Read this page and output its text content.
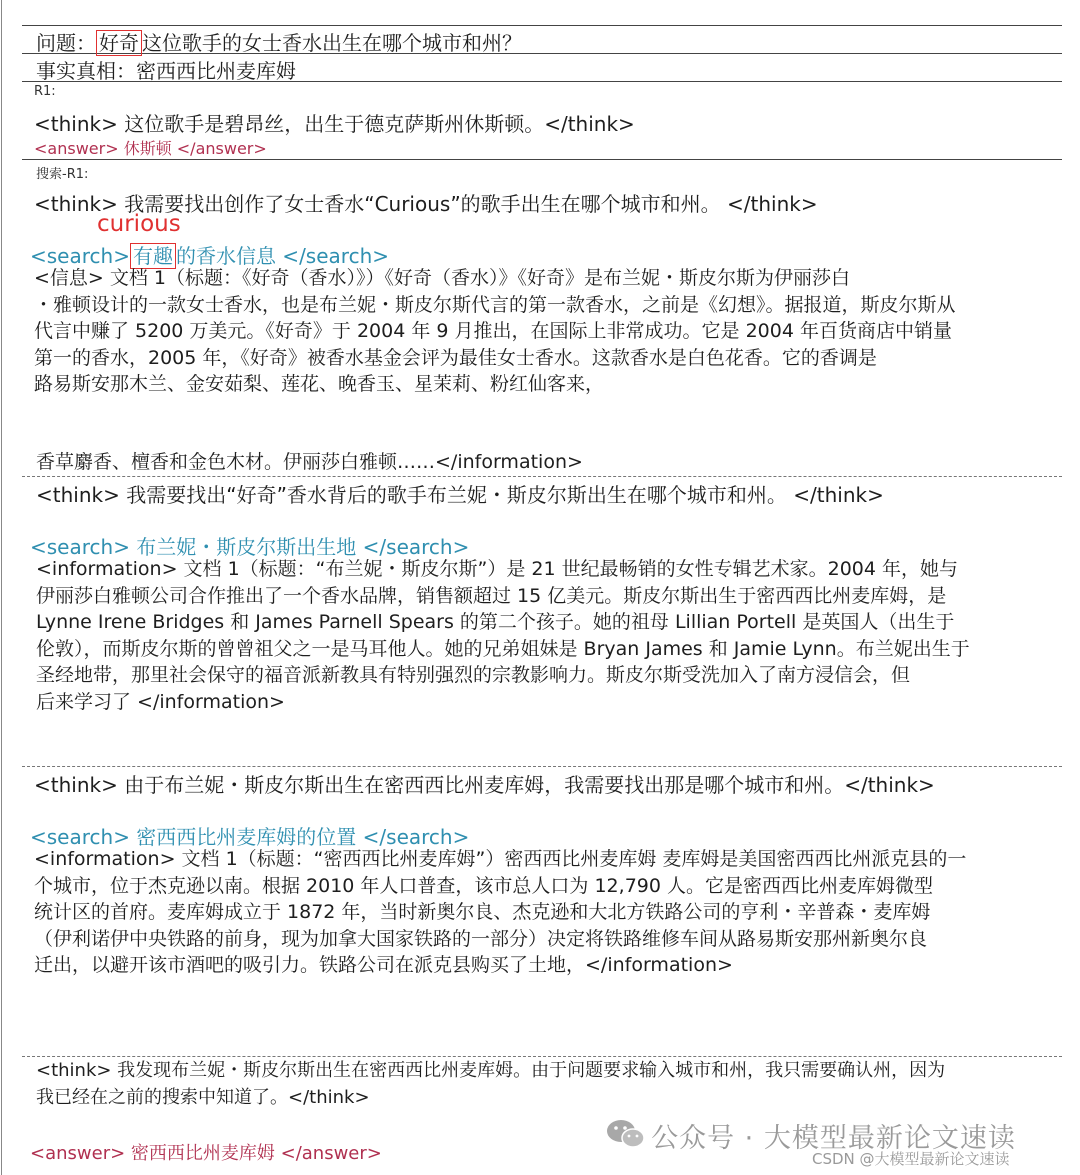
问题： 好奇 这位歌手的女士香水出生在哪个城市和州？
事实真相：密西西比州麦库姆
R1:
<think> 这位歌手是碧昂丝，出生于德克萨斯州休斯顿。</think>
<answer> 休斯顿 </answer>
搜索-R1:
<think> 我需要找出创作了女士香水“Curious”的歌手出生在哪个城市和州。 </think>
curious
<search> 有趣 的香水信息 </search>
<信息> 文档 1（标题：《好奇（香水）》）《好奇（香水）》《好奇》是布兰妮・斯皮尔斯为伊丽莎白
・雅顿设计的一款女士香水，也是布兰妮・斯皮尔斯代言的第一款香水，之前是《幻想》。据报道，斯皮尔斯从
代言中赚了 5200 万美元。《好奇》于 2004 年 9 月推出，在国际上非常成功。它是 2004 年百货商店中销量
第一的香水，2005 年，《好奇》被香水基金会评为最佳女士香水。这款香水是白色花香。它的香调是
路易斯安那木兰、金安茹梨、莲花、晚香玉、星茉莉、粉红仙客来，
香草麝香、檀香和金色木材。伊丽莎白雅顿……</information>
<think> 我需要找出“好奇”香水背后的歌手布兰妮・斯皮尔斯出生在哪个城市和州。 </think>
<search> 布兰妮・斯皮尔斯出生地 </search>
<information> 文档 1（标题：“布兰妮・斯皮尔斯”）是 21 世纪最畅销的女性专辑艺术家。2004 年，她与
伊丽莎白雅顿公司合作推出了一个香水品牌，销售额超过 15 亿美元。斯皮尔斯出生于密西西比州麦库姆，是
Lynne Irene Bridges 和 James Parnell Spears 的第二个孩子。她的祖母 Lillian Portell 是英国人（出生于
伦敦），而斯皮尔斯的曾曾祖父之一是马耳他人。她的兄弟姐妹是 Bryan James 和 Jamie Lynn。布兰妮出生于
圣经地带，那里社会保守的福音派新教具有特别强烈的宗教影响力。斯皮尔斯受洗加入了南方浸信会，但
后来学习了 </information>
<think> 由于布兰妮・斯皮尔斯出生在密西西比州麦库姆，我需要找出那是哪个城市和州。</think>
<search> 密西西比州麦库姆的位置 </search>
<information> 文档 1（标题：“密西西比州麦库姆”）密西西比州麦库姆 麦库姆是美国密西西比州派克县的一
个城市，位于杰克逊以南。根据 2010 年人口普查，该市总人口为 12,790 人。它是密西西比州麦库姆微型
统计区的首府。麦库姆成立于 1872 年，当时新奥尔良、杰克逊和大北方铁路公司的亨利・辛普森・麦库姆
（伊利诺伊中央铁路的前身，现为加拿大国家铁路的一部分）决定将铁路维修车间从路易斯安那州新奥尔良
迁出，以避开该市酒吧的吸引力。铁路公司在派克县购买了土地，</information>
<think> 我发现布兰妮・斯皮尔斯出生在密西西比州麦库姆。由于问题要求输入城市和州，我只需要确认州，因为
我已经在之前的搜索中知道了。</think>
<answer> 密西西比州麦库姆 </answer>	公众号 · 大模型最新论文速读
CSDN @大模型最新论文速读
